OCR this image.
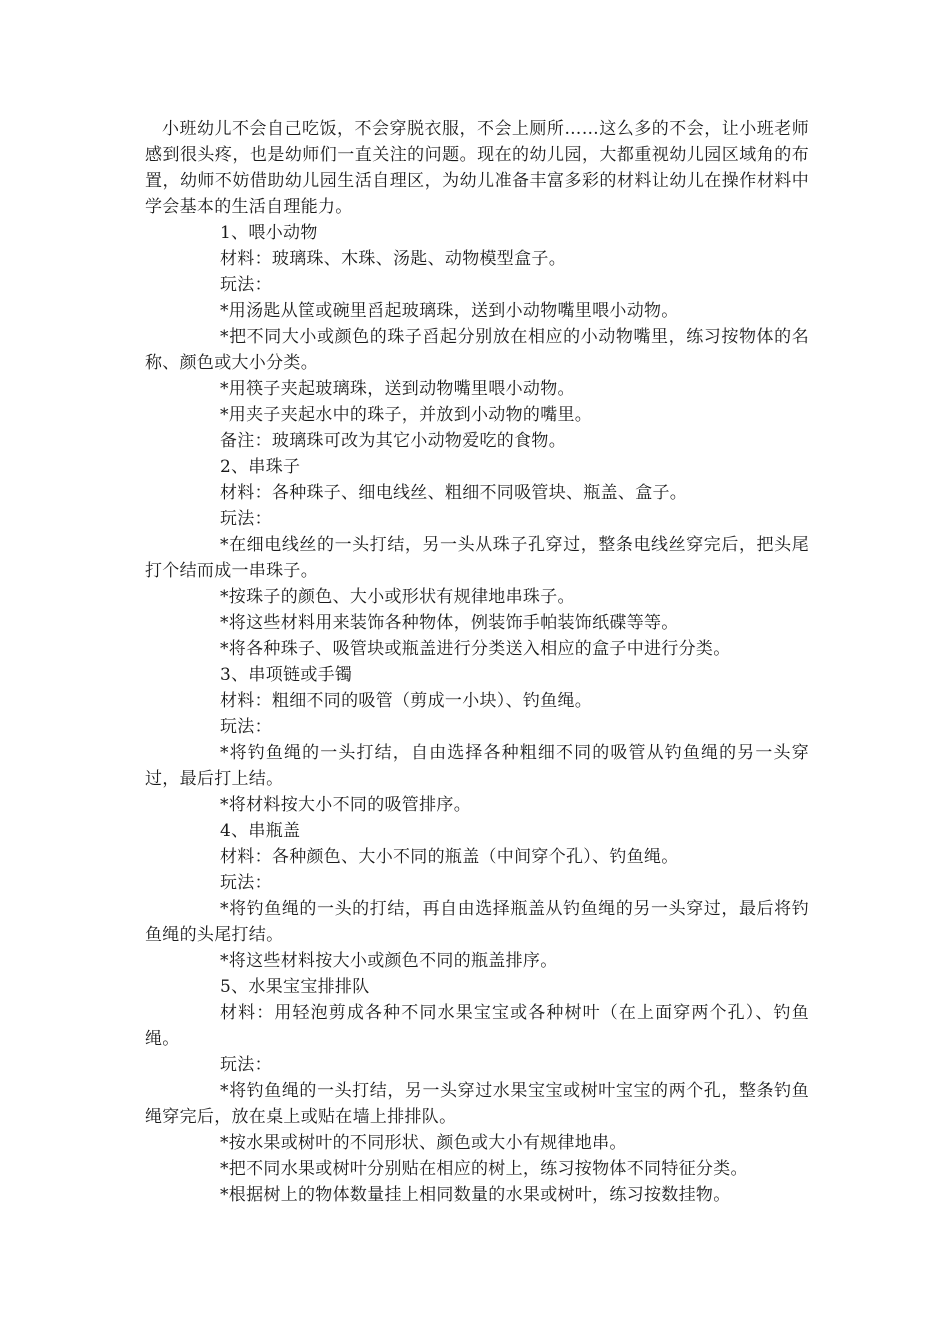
小班幼儿不会自己吃饭，不会穿脱衣服，不会上厕所……这么多的不会，让小班老师感到很头疼，也是幼师们一直关注的问题。现在的幼儿园，大都重视幼儿园区域角的布置，幼师不妨借助幼儿园生活自理区，为幼儿准备丰富多彩的材料让幼儿在操作材料中学会基本的生活自理能力。

1、喂小动物

材料：玻璃珠、木珠、汤匙、动物模型盒子。

玩法：

*用汤匙从筐或碗里舀起玻璃珠，送到小动物嘴里喂小动物。

*把不同大小或颜色的珠子舀起分别放在相应的小动物嘴里，练习按物体的名称、颜色或大小分类。

*用筷子夹起玻璃珠，送到动物嘴里喂小动物。

*用夹子夹起水中的珠子，并放到小动物的嘴里。

备注：玻璃珠可改为其它小动物爱吃的食物。

2、串珠子

材料：各种珠子、细电线丝、粗细不同吸管块、瓶盖、盒子。

玩法：

*在细电线丝的一头打结，另一头从珠子孔穿过，整条电线丝穿完后，把头尾打个结而成一串珠子。

*按珠子的颜色、大小或形状有规律地串珠子。

*将这些材料用来装饰各种物体，例装饰手帕装饰纸碟等等。

*将各种珠子、吸管块或瓶盖进行分类送入相应的盒子中进行分类。

3、串项链或手镯

材料：粗细不同的吸管（剪成一小块）、钓鱼绳。

玩法：

*将钓鱼绳的一头打结，自由选择各种粗细不同的吸管从钓鱼绳的另一头穿过，最后打上结。

*将材料按大小不同的吸管排序。

4、串瓶盖

材料：各种颜色、大小不同的瓶盖（中间穿个孔）、钓鱼绳。

玩法：

*将钓鱼绳的一头的打结，再自由选择瓶盖从钓鱼绳的另一头穿过，最后将钓鱼绳的头尾打结。

*将这些材料按大小或颜色不同的瓶盖排序。

5、水果宝宝排排队

材料：用轻泡剪成各种不同水果宝宝或各种树叶（在上面穿两个孔）、钓鱼绳。

玩法：

*将钓鱼绳的一头打结，另一头穿过水果宝宝或树叶宝宝的两个孔，整条钓鱼绳穿完后，放在桌上或贴在墙上排排队。

*按水果或树叶的不同形状、颜色或大小有规律地串。

*把不同水果或树叶分别贴在相应的树上，练习按物体不同特征分类。

*根据树上的物体数量挂上相同数量的水果或树叶，练习按数挂物。
